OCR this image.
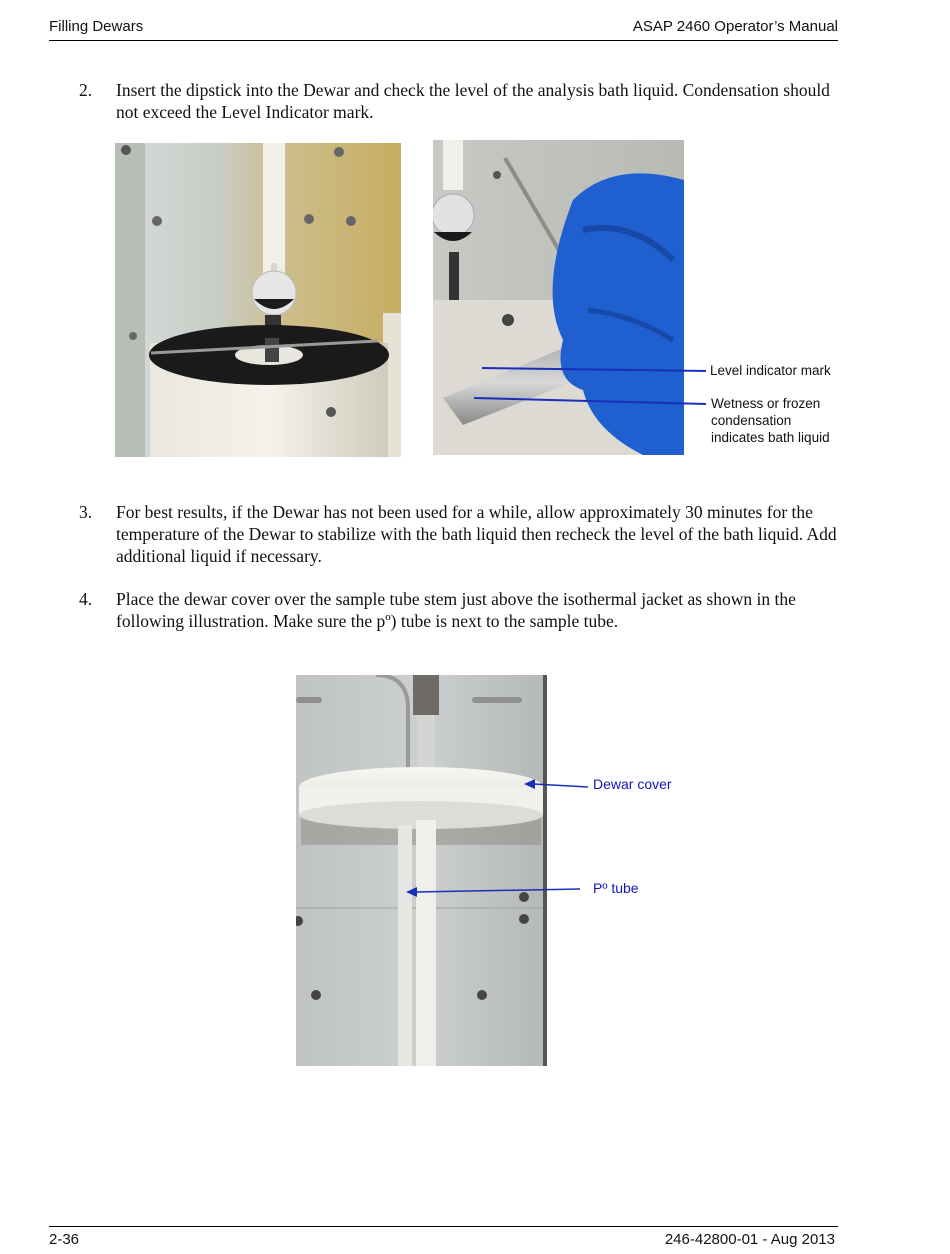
Filling Dewars	ASAP 2460 Operator’s Manual
2.	Insert the dipstick into the Dewar and check the level of the analysis bath liquid. Condensation should not exceed the Level Indicator mark.
Level indicator mark
Wetness or frozen condensation indicates bath liquid
3.	For best results, if the Dewar has not been used for a while, allow approximately 30 minutes for the temperature of the Dewar to stabilize with the bath liquid then recheck the level of the bath liquid. Add additional liquid if necessary.
4.	Place the dewar cover over the sample tube stem just above the isothermal jacket as shown in the following illustration. Make sure the pº) tube is next to the sample tube.
Dewar cover
Pº tube
2-36	246-42800-01 - Aug 2013
